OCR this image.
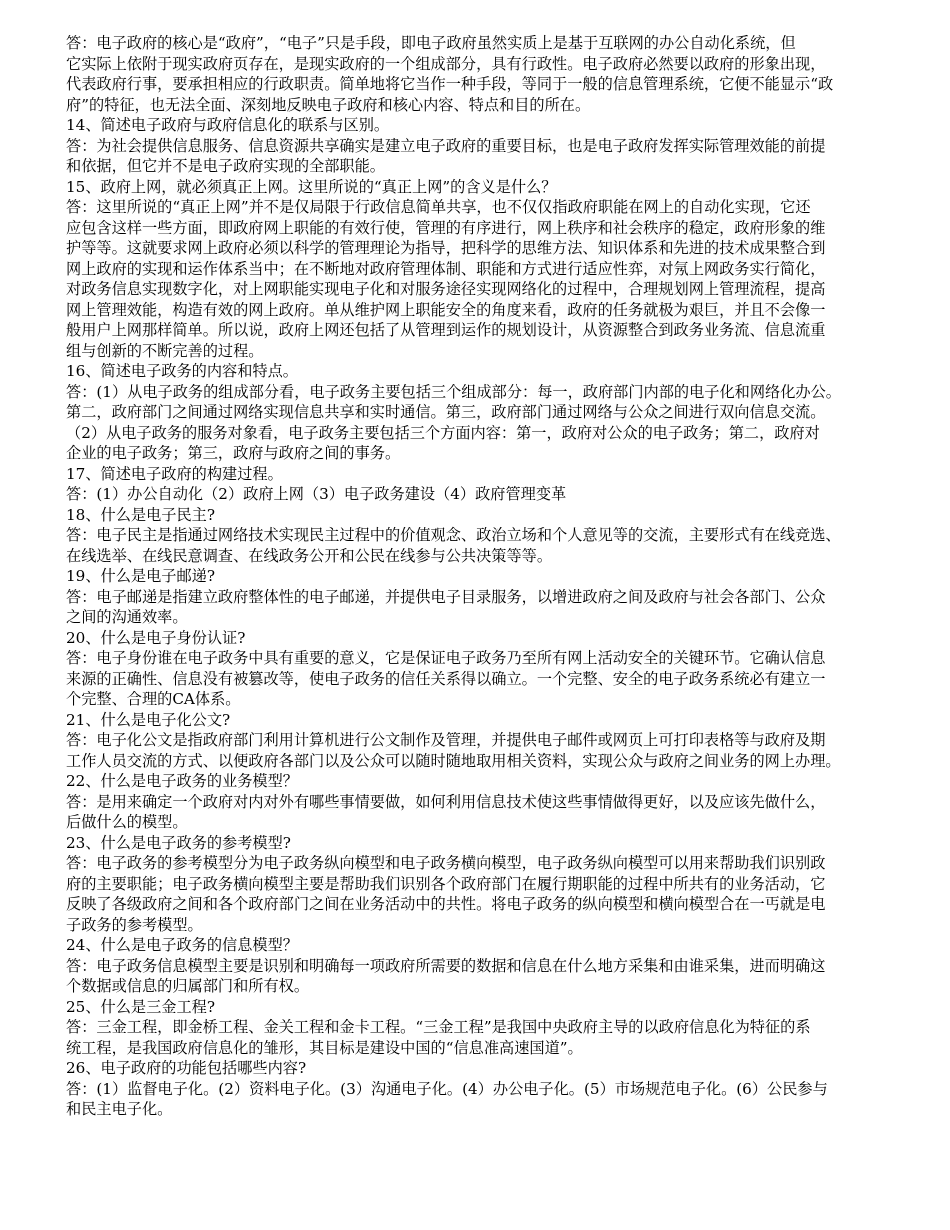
答：电子政府的核心是“政府”，“电子”只是手段，即电子政府虽然实质上是基于互联网的办公自动化系统，但
它实际上依附于现实政府页存在，是现实政府的一个组成部分，具有行政性。电子政府必然要以政府的形象出现，
代表政府行事，要承担相应的行政职责。简单地将它当作一种手段，等同于一般的信息管理系统，它便不能显示“政
府”的特征，也无法全面、深刻地反映电子政府和核心内容、特点和目的所在。
14、简述电子政府与政府信息化的联系与区别。
答：为社会提供信息服务、信息资源共享确实是建立电子政府的重要目标，也是电子政府发挥实际管理效能的前提
和依据，但它并不是电子政府实现的全部职能。
15、政府上网，就必须真正上网。这里所说的“真正上网”的含义是什么？
答：这里所说的“真正上网”并不是仅局限于行政信息简单共享，也不仅仅指政府职能在网上的自动化实现，它还
应包含这样一些方面，即政府网上职能的有效行使，管理的有序进行，网上秩序和社会秩序的稳定，政府形象的维
护等等。这就要求网上政府必须以科学的管理理论为指导，把科学的思维方法、知识体系和先进的技术成果整合到
网上政府的实现和运作体系当中；在不断地对政府管理体制、职能和方式进行适应性弈，对氖上网政务实行简化，
对政务信息实现数字化，对上网职能实现电子化和对服务途径实现网络化的过程中，合理规划网上管理流程，提高
网上管理效能，构造有效的网上政府。单从维护网上职能安全的角度来看，政府的任务就极为艰巨，并且不会像一
般用户上网那样简单。所以说，政府上网还包括了从管理到运作的规划设计，从资源整合到政务业务流、信息流重
组与创新的不断完善的过程。
16、简述电子政务的内容和特点。
答：(1）从电子政务的组成部分看，电子政务主要包括三个组成部分：每一，政府部门内部的电子化和网络化办公。
第二，政府部门之间通过网络实现信息共享和实时通信。第三，政府部门通过网络与公众之间进行双向信息交流。
（2）从电子政务的服务对象看，电子政务主要包括三个方面内容：第一，政府对公众的电子政务；第二，政府对
企业的电子政务；第三，政府与政府之间的事务。
17、简述电子政府的构建过程。
答：(1）办公自动化（2）政府上网（3）电子政务建设（4）政府管理变革
18、什么是电子民主?
答：电子民主是指通过网络技术实现民主过程中的价值观念、政治立场和个人意见等的交流，主要形式有在线竞选、
在线选举、在线民意调查、在线政务公开和公民在线参与公共决策等等。
19、什么是电子邮递?
答：电子邮递是指建立政府整体性的电子邮递，并提供电子目录服务，以增进政府之间及政府与社会各部门、公众
之间的沟通效率。
20、什么是电子身份认证?
答：电子身份谁在电子政务中具有重要的意义，它是保证电子政务乃至所有网上活动安全的关键环节。它确认信息
来源的正确性、信息没有被篡改等，使电子政务的信任关系得以确立。一个完整、安全的电子政务系统必有建立一
个完整、合理的CA体系。
21、什么是电子化公文?
答：电子化公文是指政府部门利用计算机进行公文制作及管理，并提供电子邮件或网页上可打印表格等与政府及期
工作人员交流的方式、以便政府各部门以及公众可以随时随地取用相关资料，实现公众与政府之间业务的网上办理。
22、什么是电子政务的业务模型？
答：是用来确定一个政府对内对外有哪些事情要做，如何利用信息技术使这些事情做得更好，以及应该先做什么，
后做什么的模型。
23、什么是电子政务的参考模型?
答：电子政务的参考模型分为电子政务纵向模型和电子政务横向模型，电子政务纵向模型可以用来帮助我们识别政
府的主要职能；电子政务横向模型主要是帮助我们识别各个政府部门在履行期职能的过程中所共有的业务活动，它
反映了各级政府之间和各个政府部门之间在业务活动中的共性。将电子政务的纵向模型和横向模型合在一丐就是电
子政务的参考模型。
24、什么是电子政务的信息模型？
答：电子政务信息模型主要是识别和明确每一项政府所需要的数据和信息在什么地方采集和由谁采集，进而明确这
个数据或信息的归属部门和所有权。
25、什么是三金工程?
答：三金工程，即金桥工程、金关工程和金卡工程。“三金工程”是我国中央政府主导的以政府信息化为特征的系
统工程，是我国政府信息化的雏形，其目标是建设中国的“信息准高速国道”。
26、电子政府的功能包括哪些内容?
答：(1）监督电子化。(2）资料电子化。(3）沟通电子化。(4）办公电子化。(5）市场规范电子化。(6）公民参与
和民主电子化。
